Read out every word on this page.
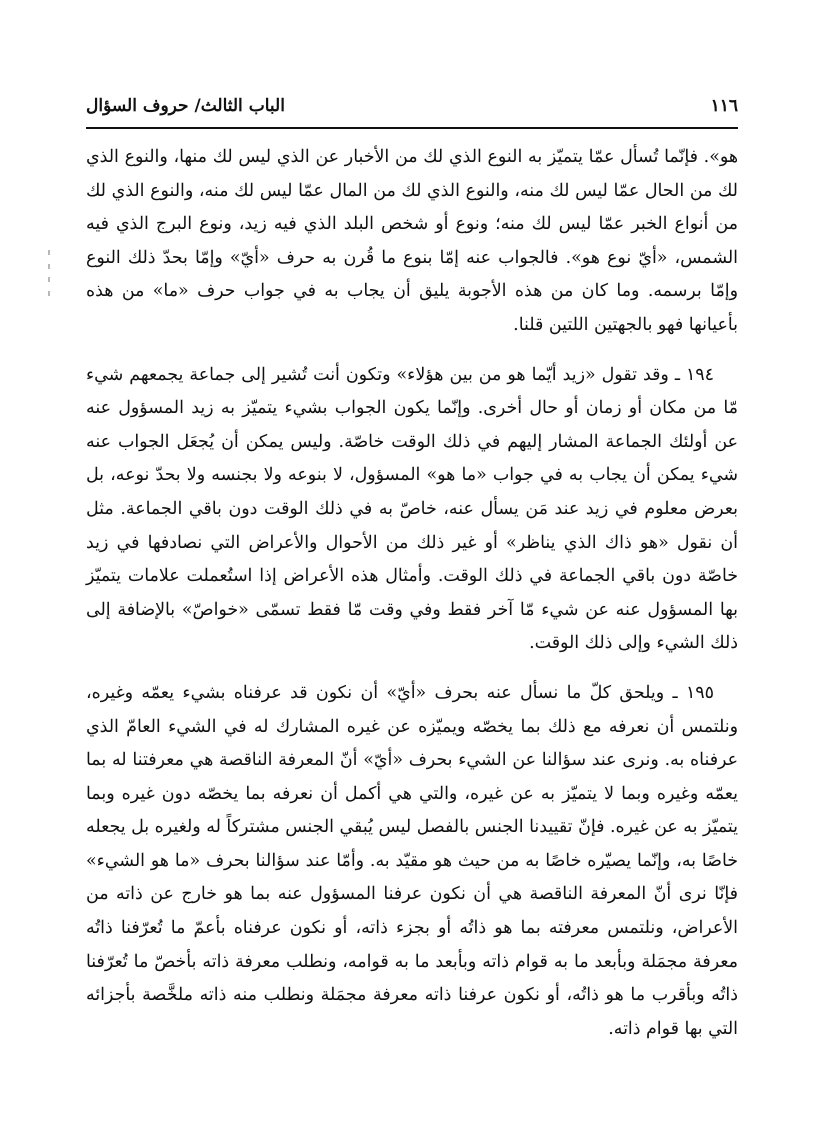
١١٦
الباب الثالث/ حروف السؤال

هو». فإنّما تُسأل عمّا يتميّز به النوع الذي لك من الأخبار عن الذي ليس لك منها، والنوع الذي لك من الحال عمّا ليس لك منه، والنوع الذي لك من المال عمّا ليس لك منه، والنوع الذي لك من أنواع الخبر عمّا ليس لك منه؛ ونوع أو شخص البلد الذي فيه زيد، ونوع البرج الذي فيه الشمس، «أيّ نوع هو». فالجواب عنه إمّا بنوع ما قُرن به حرف «أيّ» وإمّا بحدّ ذلك النوع وإمّا برسمه. وما كان من هذه الأجوبة يليق أن يجاب به في جواب حرف «ما» من هذه بأعيانها فهو بالجهتين اللتين قلنا.

١٩٤ ـ وقد تقول «زيد أيّما هو من بين هؤلاء» وتكون أنت تُشير إلى جماعة يجمعهم شيء مّا من مكان أو زمان أو حال أخرى. وإنّما يكون الجواب بشيء يتميّز به زيد المسؤول عنه عن أولئك الجماعة المشار إليهم في ذلك الوقت خاصّة. وليس يمكن أن يُجعَل الجواب عنه شيء يمكن أن يجاب به في جواب «ما هو» المسؤول، لا بنوعه ولا بجنسه ولا بحدّ نوعه، بل بعرض معلوم في زيد عند مَن يسأل عنه، خاصّ به في ذلك الوقت دون باقي الجماعة. مثل أن نقول «هو ذاك الذي يناظر» أو غير ذلك من الأحوال والأعراض التي نصادفها في زيد خاصّة دون باقي الجماعة في ذلك الوقت. وأمثال هذه الأعراض إذا استُعملت علامات يتميّز بها المسؤول عنه عن شيء مّا آخر فقط وفي وقت مّا فقط تسمّى «خواصّ» بالإضافة إلى ذلك الشيء وإلى ذلك الوقت.

١٩٥ ـ ويلحق كلّ ما نسأل عنه بحرف «أيّ» أن نكون قد عرفناه بشيء يعمّه وغيره، ونلتمس أن نعرفه مع ذلك بما يخصّه ويميّزه عن غيره المشارك له في الشيء العامّ الذي عرفناه به. ونرى عند سؤالنا عن الشيء بحرف «أيّ» أنّ المعرفة الناقصة هي معرفتنا له بما يعمّه وغيره وبما لا يتميّز به عن غيره، والتي هي أكمل أن نعرفه بما يخصّه دون غيره وبما يتميّز به عن غيره. فإنّ تقييدنا الجنس بالفصل ليس يُبقي الجنس مشتركاً له ولغيره بل يجعله خاصًا به، وإنّما يصيّره خاصًا به من حيث هو مقيّد به. وأمّا عند سؤالنا بحرف «ما هو الشيء» فإنّا نرى أنّ المعرفة الناقصة هي أن نكون عرفنا المسؤول عنه بما هو خارج عن ذاته من الأعراض، ونلتمس معرفته بما هو ذاتُه أو بجزء ذاته، أو نكون عرفناه بأعمّ ما تُعرّفنا ذاتُه معرفة مجمَلة وبأبعد ما به قوام ذاته وبأبعد ما به قوامه، ونطلب معرفة ذاته بأخصّ ما تُعرّفنا ذاتُه وبأقرب ما هو ذاتُه، أو نكون عرفنا ذاته معرفة مجمَلة ونطلب منه ذاته ملخَّصة بأجزائه التي بها قوام ذاته.
